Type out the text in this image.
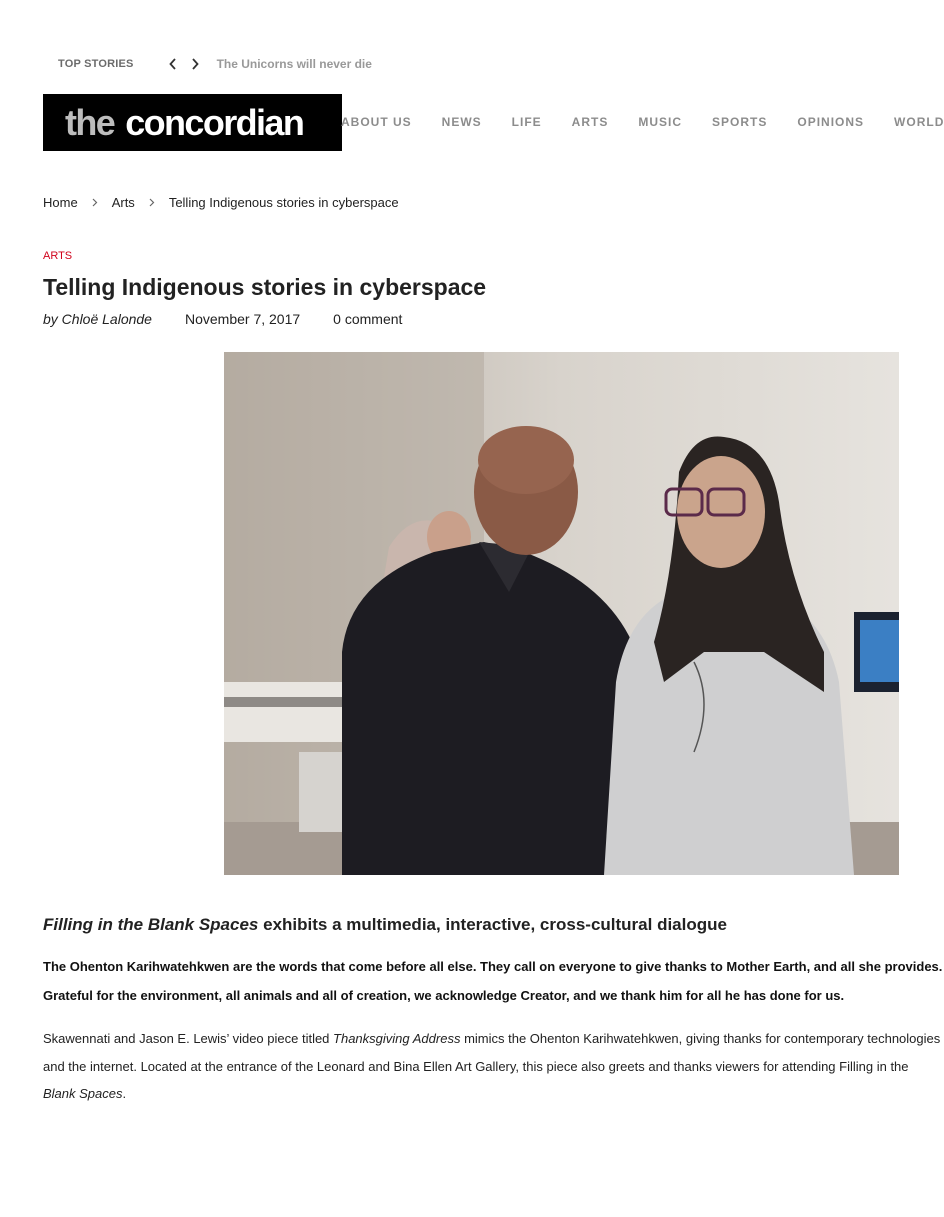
TOP STORIES	The Unicorns will never die
the concordian	ABOUT US	NEWS	LIFE	ARTS	MUSIC	SPORTS	OPINIONS	WORLD
Home	Arts	Telling Indigenous stories in cyberspace
ARTS
Telling Indigenous stories in cyberspace
by Chloë Lalonde November 7, 2017 0 comment
Filling in the Blank Spaces exhibits a multimedia, interactive, cross-cultural dialogue
The Ohenton Karihwatehkwen are the words that come before all else. They call on everyone to give thanks to Mother Earth, and all she provides.
Grateful for the environment, all animals and all of creation, we acknowledge Creator, and we thank him for all he has done for us.
Skawennati and Jason E. Lewis’ video piece titled Thanksgiving Address mimics the Ohenton Karihwatehkwen, giving thanks for contemporary technologies
and the internet. Located at the entrance of the Leonard and Bina Ellen Art Gallery, this piece also greets and thanks viewers for attending Filling in the
Blank Spaces.
